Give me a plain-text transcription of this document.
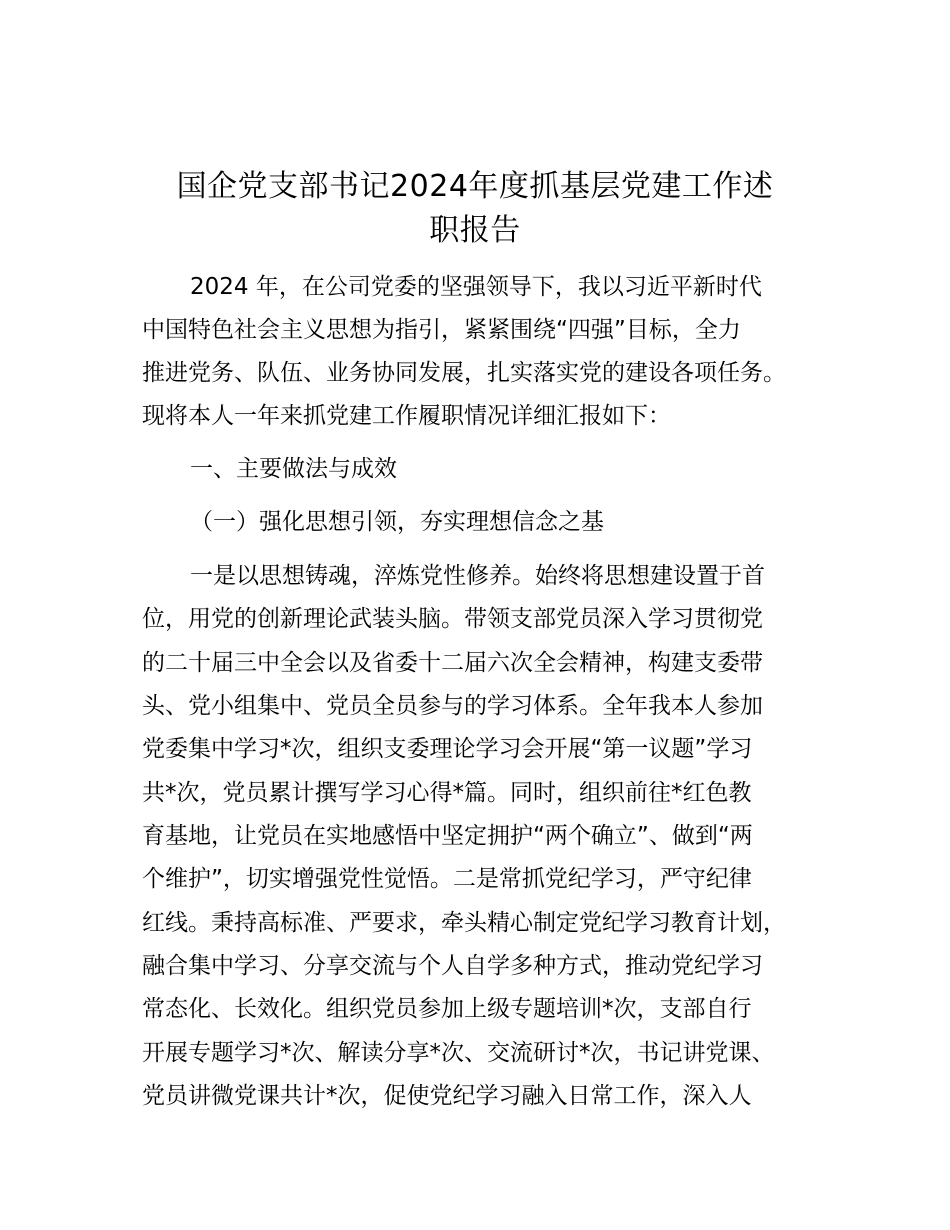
国企党支部书记2024年度抓基层党建工作述
职报告

2024 年，在公司党委的坚强领导下，我以习近平新时代

中国特色社会主义思想为指引，紧紧围绕“四强”目标，全力

推进党务、队伍、业务协同发展，扎实落实党的建设各项任务。

现将本人一年来抓党建工作履职情况详细汇报如下：

一、主要做法与成效

（一）强化思想引领，夯实理想信念之基

一是以思想铸魂，淬炼党性修养。始终将思想建设置于首

位，用党的创新理论武装头脑。带领支部党员深入学习贯彻党

的二十届三中全会以及省委十二届六次全会精神，构建支委带

头、党小组集中、党员全员参与的学习体系。全年我本人参加

党委集中学习*次，组织支委理论学习会开展“第一议题”学习

共*次，党员累计撰写学习心得*篇。同时，组织前往*红色教

育基地，让党员在实地感悟中坚定拥护“两个确立”、做到“两

个维护”，切实增强党性觉悟。二是常抓党纪学习，严守纪律

红线。秉持高标准、严要求，牵头精心制定党纪学习教育计划，

融合集中学习、分享交流与个人自学多种方式，推动党纪学习

常态化、长效化。组织党员参加上级专题培训*次，支部自行

开展专题学习*次、解读分享*次、交流研讨*次，书记讲党课、

党员讲微党课共计*次，促使党纪学习融入日常工作，深入人
